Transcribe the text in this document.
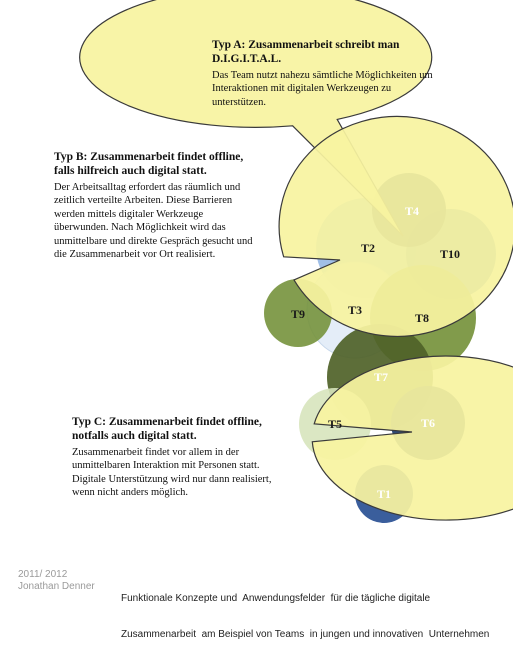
T2	T10
T4
T3
T9	T8
T7
T5	T6
T1
Typ A: Zusammenarbeit schreibt man D.I.G.I.T.A.L.
Das Team nutzt nahezu sämtliche Möglichkeiten um Interaktionen mit digitalen Werkzeugen zu unterstützen.
Typ B: Zusammenarbeit findet offline, falls hilfreich auch digital statt.
Der Arbeitsalltag erfordert das räumlich und zeitlich verteilte Arbeiten. Diese Barrieren werden mittels digitaler Werkzeuge überwunden. Nach Möglichkeit wird das unmittelbare und direkte Gespräch gesucht und die Zusammenarbeit vor Ort realisiert.
Typ C: Zusammenarbeit findet offline, notfalls auch digital statt.
Zusammenarbeit findet vor allem in der unmittelbaren Interaktion mit Personen statt. Digitale Unterstützung wird nur dann realisiert, wenn nicht anders möglich.
2011/ 2012
Jonathan Denner

Funktionale Konzepte und  Anwendungsfelder  für die tägliche digitale

Zusammenarbeit  am Beispiel von Teams  in jungen und innovativen  Unternehmen
